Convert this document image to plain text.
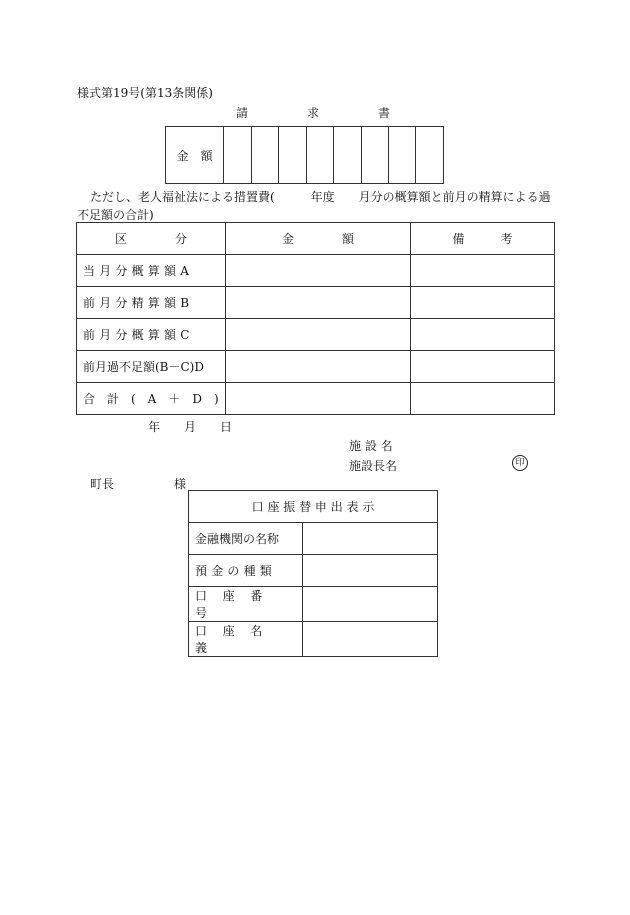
様式第19号(第13条関係)
請	求	書
金　額								
ただし、老人福祉法による措置費(　　　年度　　月分の概算額と前月の精算による過
不足額の合計)
区　　　　分	金　　　　額	備　　　考
当月分概算額A		
前月分精算額B		
前月分概算額C		
前月過不足額(B－C)D		
合　計　(　A　＋　D　)		
年　　月　　日
施 設 名
施設長名	印
町長　　　　　様
口 座 振 替 申 出 表 示	
金融機関の名称	
預金の種類	
口座番号	
口座名義	
